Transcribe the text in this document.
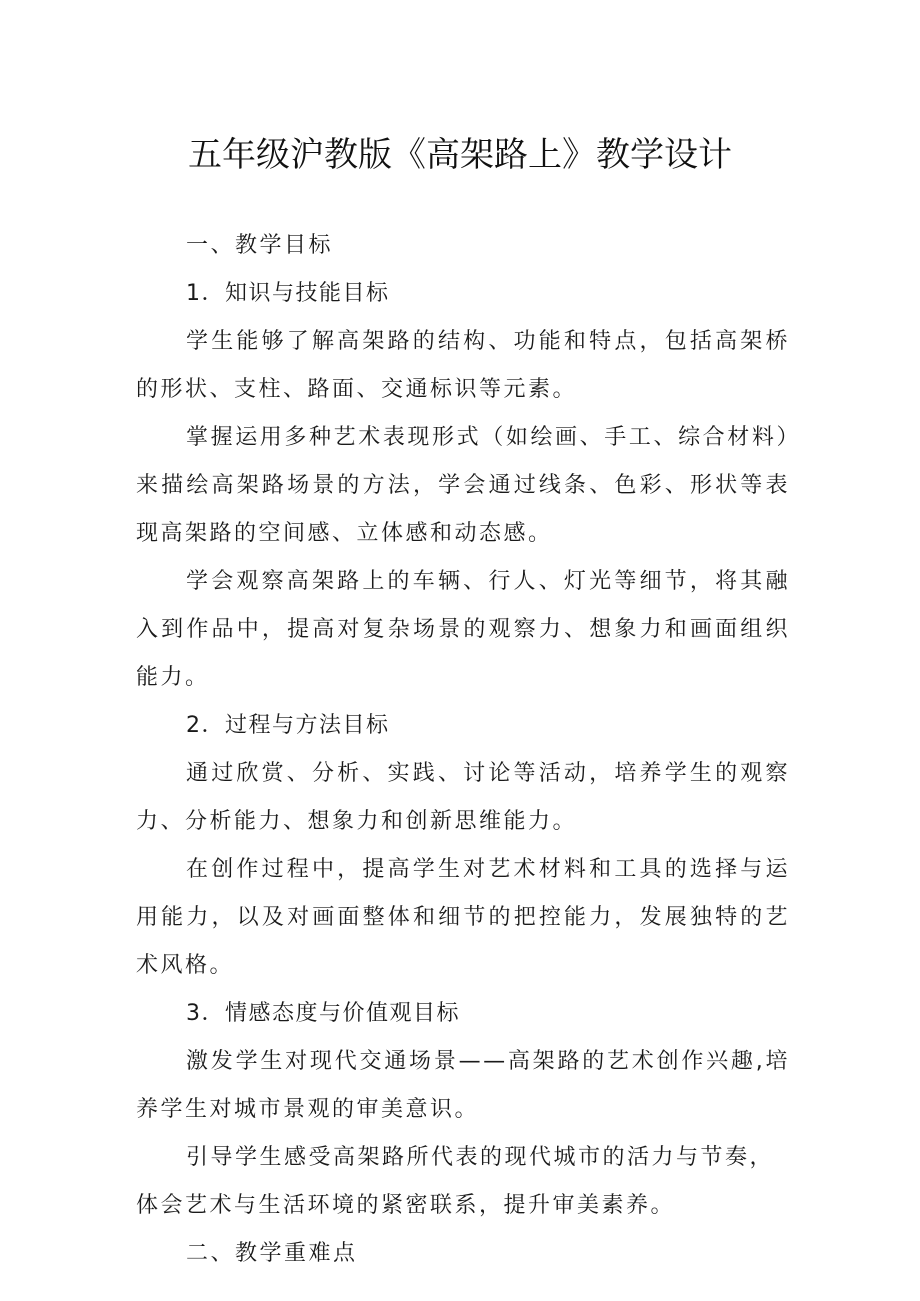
五年级沪教版《高架路上》教学设计

一、教学目标

1．知识与技能目标

学生能够了解高架路的结构、功能和特点，包括高架桥的形状、支柱、路面、交通标识等元素。

掌握运用多种艺术表现形式（如绘画、手工、综合材料）来描绘高架路场景的方法，学会通过线条、色彩、形状等表现高架路的空间感、立体感和动态感。

学会观察高架路上的车辆、行人、灯光等细节，将其融入到作品中，提高对复杂场景的观察力、想象力和画面组织能力。

2．过程与方法目标

通过欣赏、分析、实践、讨论等活动，培养学生的观察力、分析能力、想象力和创新思维能力。

在创作过程中，提高学生对艺术材料和工具的选择与运用能力，以及对画面整体和细节的把控能力，发展独特的艺术风格。

3．情感态度与价值观目标

激发学生对现代交通场景——高架路的艺术创作兴趣,培养学生对城市景观的审美意识。

引导学生感受高架路所代表的现代城市的活力与节奏，

体会艺术与生活环境的紧密联系，提升审美素养。

二、教学重难点
